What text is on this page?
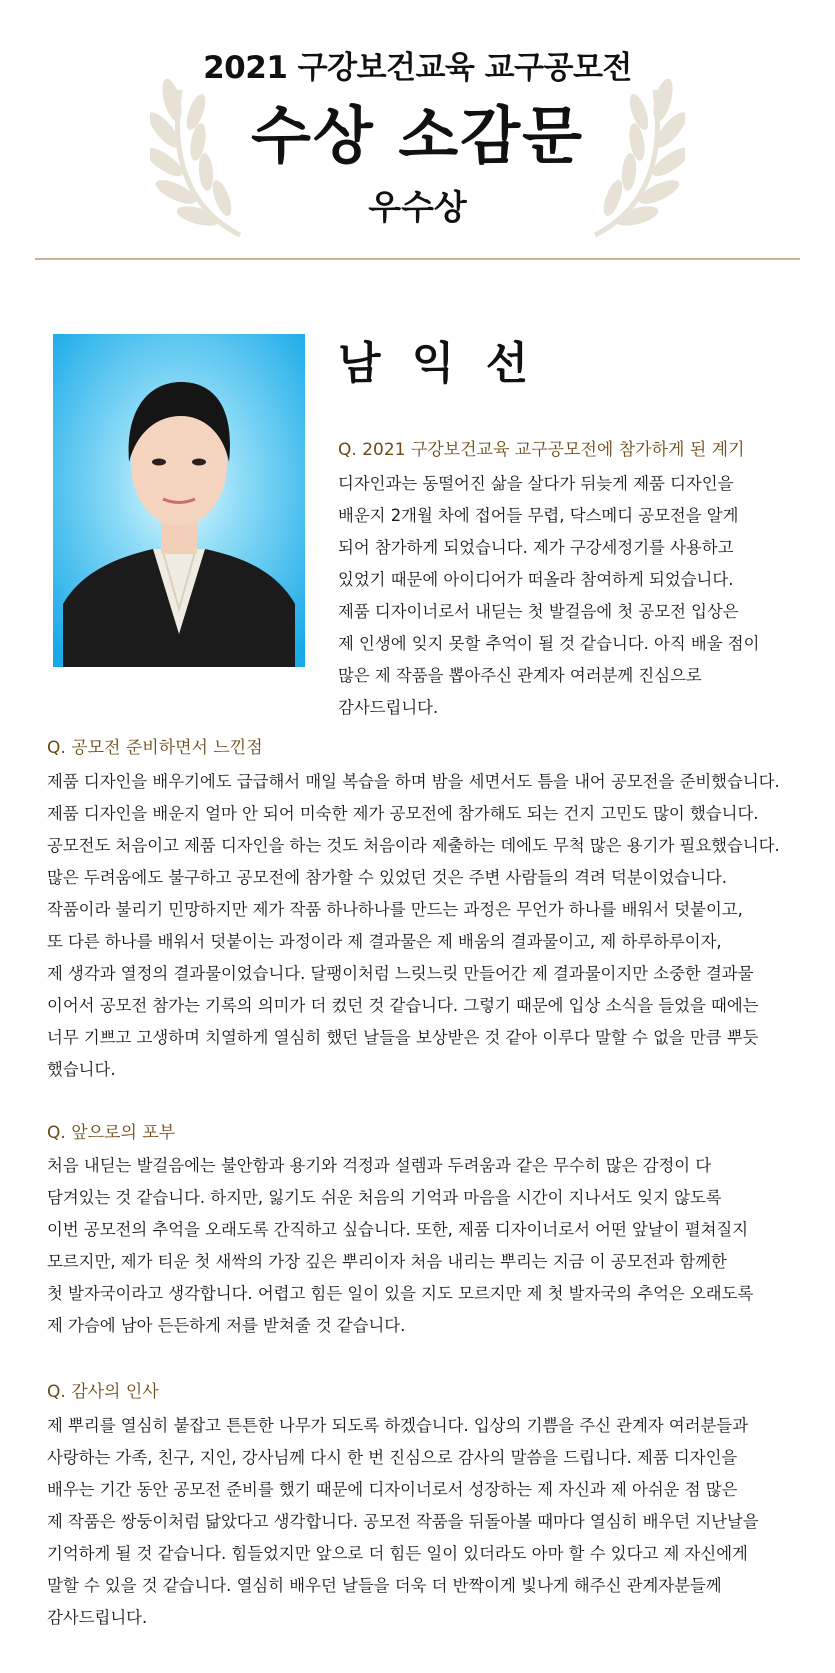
2021 구강보건교육 교구공모전
수상 소감문
우수상
남 익 선
Q. 2021 구강보건교육 교구공모전에 참가하게 된 계기
디자인과는 동떨어진 삶을 살다가 뒤늦게 제품 디자인을
배운지 2개월 차에 접어들 무렵, 닥스메디 공모전을 알게
되어 참가하게 되었습니다. 제가 구강세정기를 사용하고
있었기 때문에 아이디어가 떠올라 참여하게 되었습니다.
제품 디자이너로서 내딛는 첫 발걸음에 첫 공모전 입상은
제 인생에 잊지 못할 추억이 될 것 같습니다. 아직 배울 점이
많은 제 작품을 뽑아주신 관계자 여러분께 진심으로
감사드립니다.
Q. 공모전 준비하면서 느낀점
제품 디자인을 배우기에도 급급해서 매일 복습을 하며 밤을 세면서도 틈을 내어 공모전을 준비했습니다.
제품 디자인을 배운지 얼마 안 되어 미숙한 제가 공모전에 참가해도 되는 건지 고민도 많이 했습니다.
공모전도 처음이고 제품 디자인을 하는 것도 처음이라 제출하는 데에도 무척 많은 용기가 필요했습니다.
많은 두려움에도 불구하고 공모전에 참가할 수 있었던 것은 주변 사람들의 격려 덕분이었습니다.
작품이라 불리기 민망하지만 제가 작품 하나하나를 만드는 과정은 무언가 하나를 배워서 덧붙이고,
또 다른 하나를 배워서 덧붙이는 과정이라 제 결과물은 제 배움의 결과물이고, 제 하루하루이자,
제 생각과 열정의 결과물이었습니다. 달팽이처럼 느릿느릿 만들어간 제 결과물이지만 소중한 결과물
이어서 공모전 참가는 기록의 의미가 더 컸던 것 같습니다. 그렇기 때문에 입상 소식을 들었을 때에는
너무 기쁘고 고생하며 치열하게 열심히 했던 날들을 보상받은 것 같아 이루다 말할 수 없을 만큼 뿌듯
했습니다.
Q. 앞으로의 포부
처음 내딛는 발걸음에는 불안함과 용기와 걱정과 설렘과 두려움과 같은 무수히 많은 감정이 다
담겨있는 것 같습니다. 하지만, 잃기도 쉬운 처음의 기억과 마음을 시간이 지나서도 잊지 않도록
이번 공모전의 추억을 오래도록 간직하고 싶습니다. 또한, 제품 디자이너로서 어떤 앞날이 펼쳐질지
모르지만, 제가 티운 첫 새싹의 가장 깊은 뿌리이자 처음 내리는 뿌리는 지금 이 공모전과 함께한
첫 발자국이라고 생각합니다. 어렵고 힘든 일이 있을 지도 모르지만 제 첫 발자국의 추억은 오래도록
제 가슴에 남아 든든하게 저를 받쳐줄 것 같습니다.
Q. 감사의 인사
제 뿌리를 열심히 붙잡고 튼튼한 나무가 되도록 하겠습니다. 입상의 기쁨을 주신 관계자 여러분들과
사랑하는 가족, 친구, 지인, 강사님께 다시 한 번 진심으로 감사의 말씀을 드립니다. 제품 디자인을
배우는 기간 동안 공모전 준비를 했기 때문에 디자이너로서 성장하는 제 자신과 제 아쉬운 점 많은
제 작품은 쌍둥이처럼 닮았다고 생각합니다. 공모전 작품을 뒤돌아볼 때마다 열심히 배우던 지난날을
기억하게 될 것 같습니다. 힘들었지만 앞으로 더 힘든 일이 있더라도 아마 할 수 있다고 제 자신에게
말할 수 있을 것 같습니다. 열심히 배우던 날들을 더욱 더 반짝이게 빛나게 해주신 관계자분들께
감사드립니다.
